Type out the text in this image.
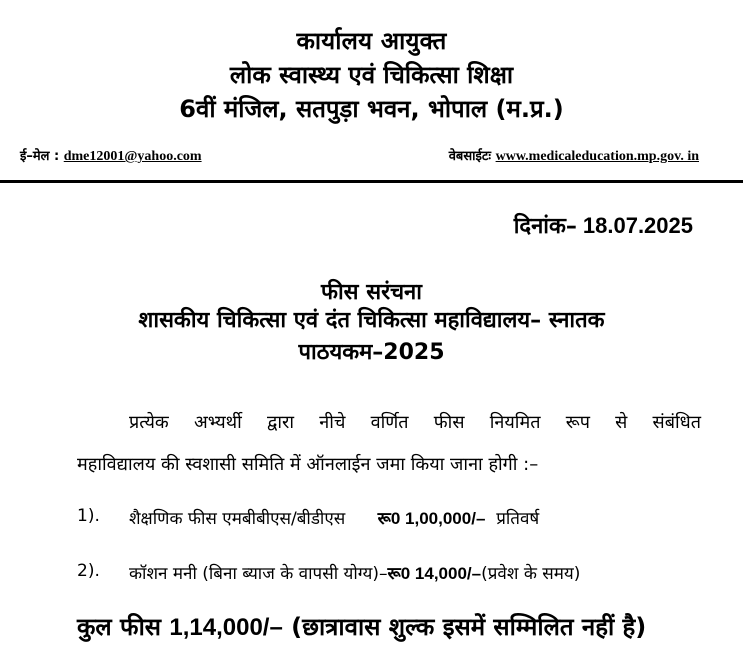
कार्यालय आयुक्त
लोक स्वास्थ्य एवं चिकित्सा शिक्षा
6वीं मंजिल, सतपुड़ा भवन, भोपाल (म.प्र.)
ई–मेल : dme12001@yahoo.com	वेबसाईटः www.medicaleducation.mp.gov. in
दिनांक– 18.07.2025
फीस सरंचना
शासकीय चिकित्सा एवं दंत चिकित्सा महाविद्यालय– स्नातक
पाठयकम–2025
प्रत्येक अभ्यर्थी द्वारा नीचे वर्णित फीस नियमित रूप से संबंधित
महाविद्यालय की स्वशासी समिति में ऑनलाईन जमा किया जाना होगी :–
1). शैक्षणिक फीस एमबीबीएस/बीडीएस रू0 1,00,000/– प्रतिवर्ष
2). कॉशन मनी (बिना ब्याज के वापसी योग्य)–रू0 14,000/–(प्रवेश के समय)
कुल फीस 1,14,000/– (छात्रावास शुल्क इसमें सम्मिलित नहीं है)
